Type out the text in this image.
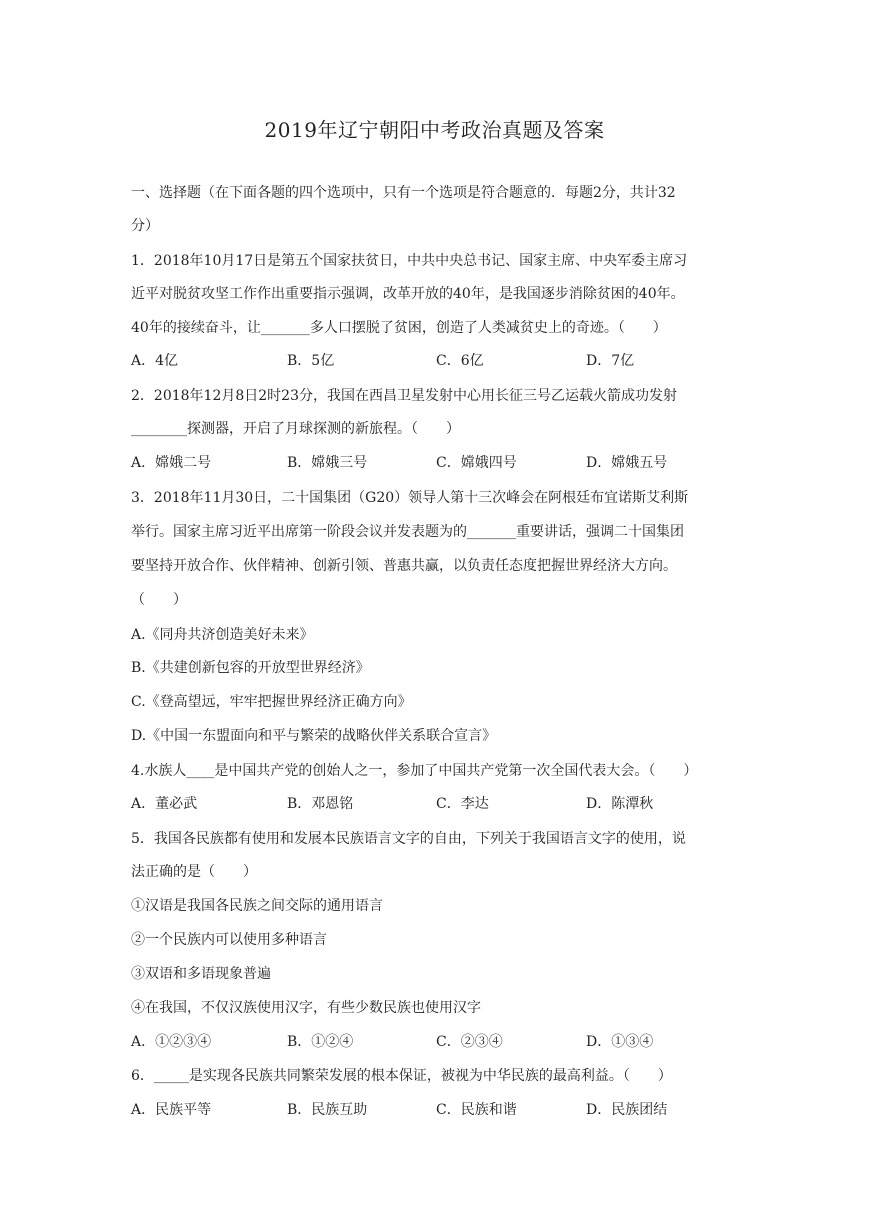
2019年辽宁朝阳中考政治真题及答案
一、选择题（在下面各题的四个选项中，只有一个选项是符合题意的．每题2分，共计32
分）
1．2018年10月17日是第五个国家扶贫日，中共中央总书记、国家主席、中央军委主席习
近平对脱贫攻坚工作作出重要指示强调，改革开放的40年，是我国逐步消除贫困的40年。
40年的接续奋斗，让_______多人口摆脱了贫困，创造了人类减贫史上的奇迹。（　　）
A．4亿	B．5亿	C．6亿	D．7亿
2．2018年12月8日2时23分，我国在西昌卫星发射中心用长征三号乙运载火箭成功发射
________探测器，开启了月球探测的新旅程。（　　）
A．嫦娥二号	B．嫦娥三号	C．嫦娥四号	D．嫦娥五号
3．2018年11月30日，二十国集团（G20）领导人第十三次峰会在阿根廷布宜诺斯艾利斯
举行。国家主席习近平出席第一阶段会议并发表题为的_______重要讲话，强调二十国集团
要坚持开放合作、伙伴精神、创新引领、普惠共赢，以负责任态度把握世界经济大方向。
（　　）
A.《同舟共济创造美好未来》
B.《共建创新包容的开放型世界经济》
C.《登高望远，牢牢把握世界经济正确方向》
D.《中国一东盟面向和平与繁荣的战略伙伴关系联合宣言》
4.水族人____是中国共产党的创始人之一，参加了中国共产党第一次全国代表大会。（　　）
A．董必武	B．邓恩铭	C．李达	D．陈潭秋
5．我国各民族都有使用和发展本民族语言文字的自由，下列关于我国语言文字的使用，说
法正确的是（　　）
①汉语是我国各民族之间交际的通用语言
②一个民族内可以使用多种语言
③双语和多语现象普遍
④在我国，不仅汉族使用汉字，有些少数民族也使用汉字
A．①②③④	B．①②④	C．②③④	D．①③④
6．_____是实现各民族共同繁荣发展的根本保证，被视为中华民族的最高利益。（　　）
A．民族平等	B．民族互助	C．民族和谐	D．民族团结
